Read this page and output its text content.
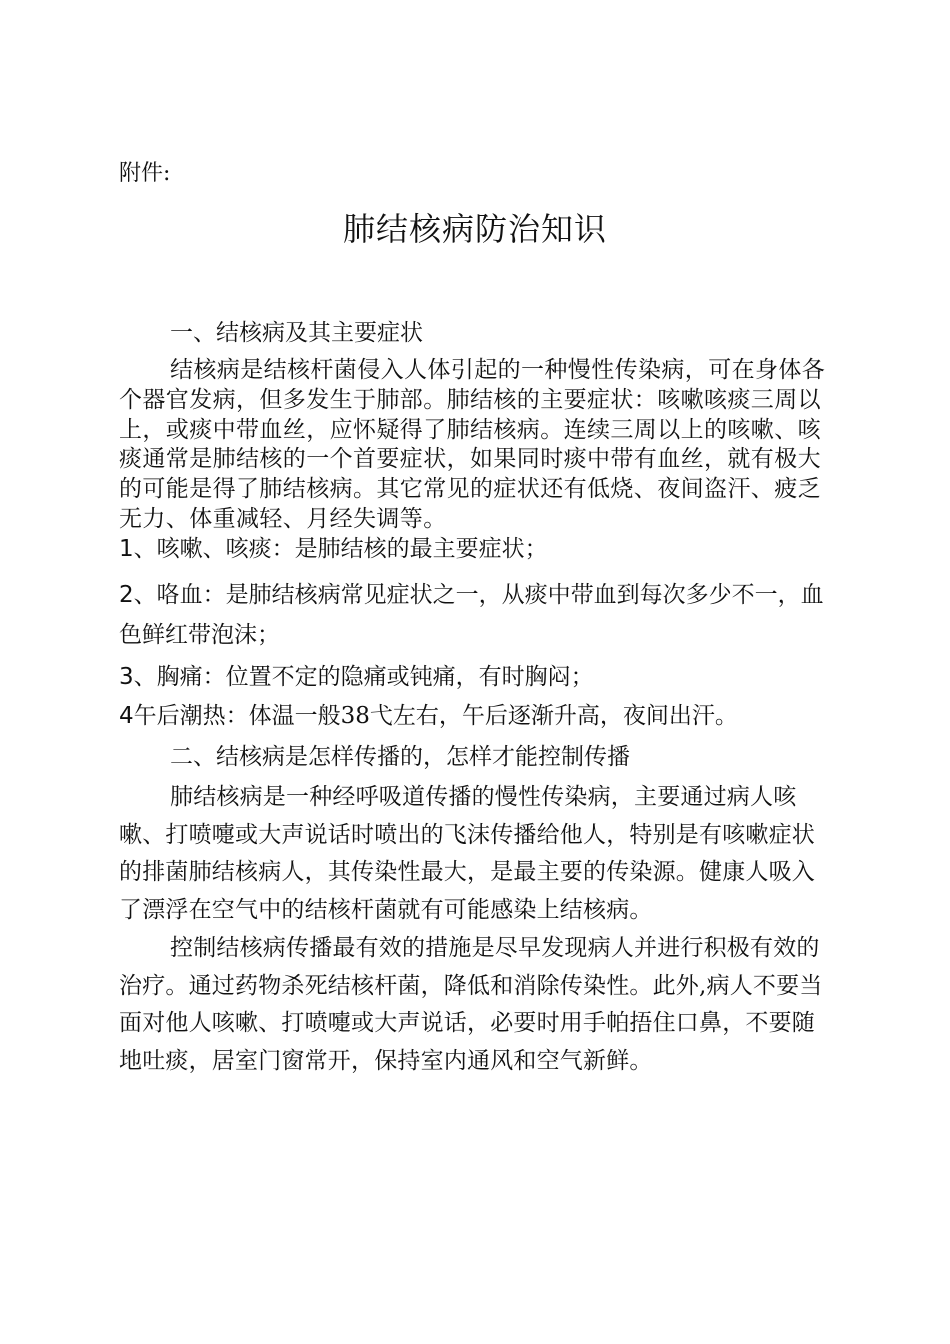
附件:

肺结核病防治知识

一、结核病及其主要症状

结核病是结核杆菌侵入人体引起的一种慢性传染病，可在身体各个器官发病，但多发生于肺部。肺结核的主要症状：咳嗽咳痰三周以上，或痰中带血丝，应怀疑得了肺结核病。连续三周以上的咳嗽、咳痰通常是肺结核的一个首要症状，如果同时痰中带有血丝，就有极大的可能是得了肺结核病。其它常见的症状还有低烧、夜间盗汗、疲乏无力、体重减轻、月经失调等。

1、咳嗽、咳痰：是肺结核的最主要症状；

2、咯血：是肺结核病常见症状之一，从痰中带血到每次多少不一，血色鲜红带泡沫；

3、胸痛：位置不定的隐痛或钝痛，有时胸闷；

4午后潮热：体温一般38弋左右，午后逐渐升高，夜间出汗。

二、结核病是怎样传播的，怎样才能控制传播

肺结核病是一种经呼吸道传播的慢性传染病，主要通过病人咳嗽、打喷嚏或大声说话时喷出的飞沫传播给他人，特别是有咳嗽症状的排菌肺结核病人，其传染性最大，是最主要的传染源。健康人吸入了漂浮在空气中的结核杆菌就有可能感染上结核病。

控制结核病传播最有效的措施是尽早发现病人并进行积极有效的治疗。通过药物杀死结核杆菌，降低和消除传染性。此外,病人不要当面对他人咳嗽、打喷嚏或大声说话，必要时用手帕捂住口鼻，不要随地吐痰，居室门窗常开，保持室内通风和空气新鲜。
